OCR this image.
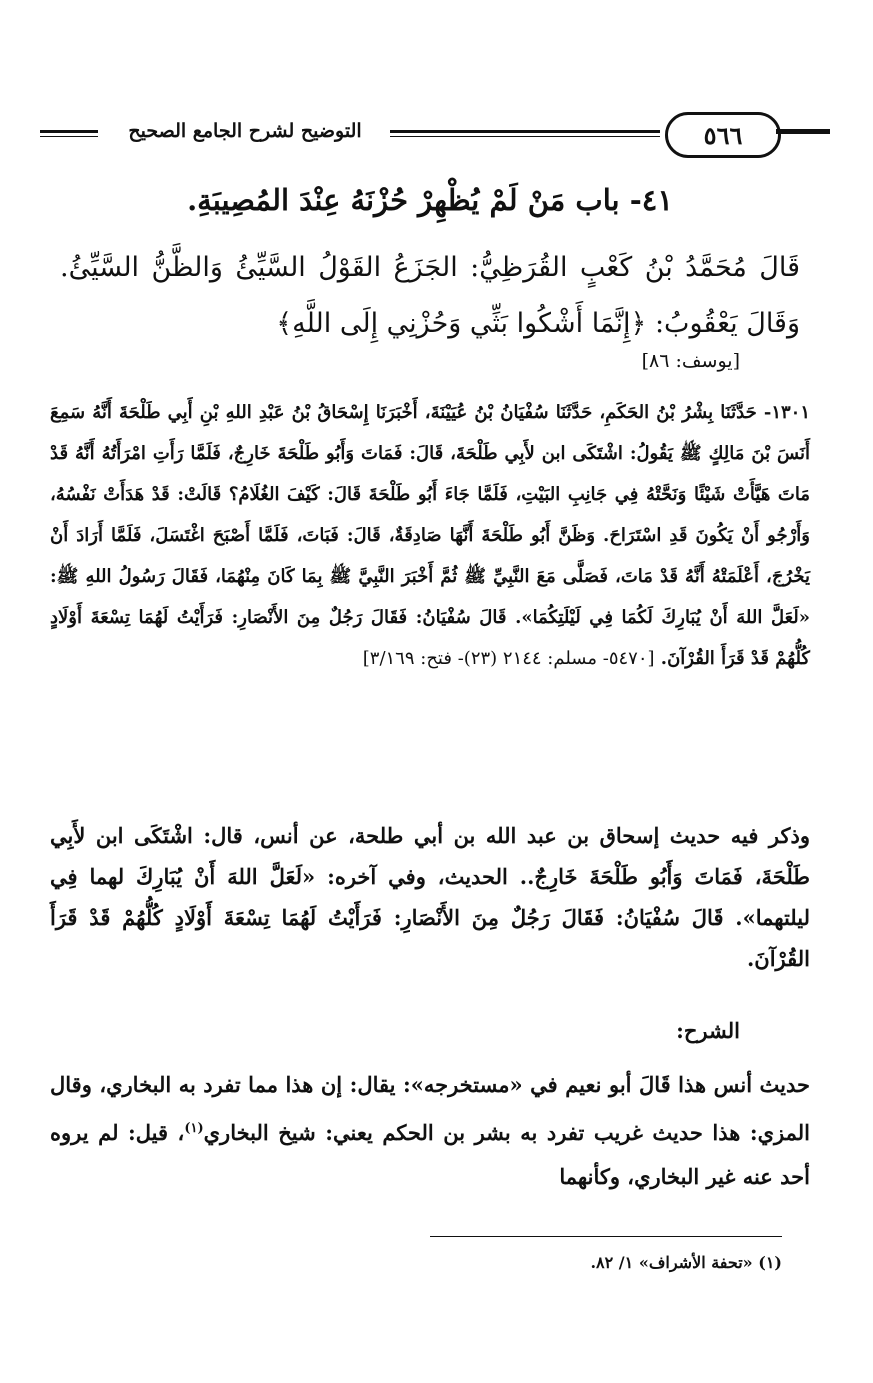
التوضيح لشرح الجامع الصحيح	٥٦٦
٤١- باب مَنْ لَمْ يُظْهِرْ حُزْنَهُ عِنْدَ المُصِيبَةِ.
قَالَ مُحَمَّدُ بْنُ كَعْبٍ القُرَظِيُّ: الجَزَعُ القَوْلُ السَّيِّئُ وَالظَّنُّ السَّيِّئُ. وَقَالَ يَعْقُوبُ: ﴿إِنَّمَا أَشْكُوا بَثِّي وَحُزْنِي إِلَى اللَّهِ﴾
[يوسف: ٨٦]
١٣٠١- حَدَّثَنَا بِشْرُ بْنُ الحَكَمِ، حَدَّثَنَا سُفْيَانُ بْنُ عُيَيْنَةَ، أَخْبَرَنَا إِسْحَاقُ بْنُ عَبْدِ اللهِ بْنِ أَبِي طَلْحَةَ أَنَّهُ سَمِعَ أَنَسَ بْنَ مَالِكٍ ﷺ يَقُولُ: اشْتَكَى ابن لأَبِي طَلْحَةَ، قَالَ: فَمَاتَ وَأَبُو طَلْحَةَ خَارِجٌ، فَلَمَّا رَأَتِ امْرَأَتُهُ أَنَّهُ قَدْ مَاتَ هَيَّأَتْ شَيْئًا وَنَحَّتْهُ فِي جَانِبِ البَيْتِ، فَلَمَّا جَاءَ أَبُو طَلْحَةَ قَالَ: كَيْفَ الغُلَامُ؟ قَالَتْ: قَدْ هَدَأَتْ نَفْسُهُ، وَأَرْجُو أَنْ يَكُونَ قَدِ اسْتَرَاحَ. وَظَنَّ أَبُو طَلْحَةَ أَنَّهَا صَادِقَةٌ، قَالَ: فَبَاتَ، فَلَمَّا أَصْبَحَ اغْتَسَلَ، فَلَمَّا أَرَادَ أَنْ يَخْرُجَ، أَعْلَمَتْهُ أَنَّهُ قَدْ مَاتَ، فَصَلَّى مَعَ النَّبِيِّ ﷺ ثُمَّ أَخْبَرَ النَّبِيَّ ﷺ بِمَا كَانَ مِنْهُمَا، فَقَالَ رَسُولُ اللهِ ﷺ: «لَعَلَّ اللهَ أَنْ يُبَارِكَ لَكُمَا فِي لَيْلَتِكُمَا». قَالَ سُفْيَانُ: فَقَالَ رَجُلٌ مِنَ الأَنْصَارِ: فَرَأَيْتُ لَهُمَا تِسْعَةَ أَوْلَادٍ كُلُّهُمْ قَدْ قَرَأَ القُرْآنَ. [٥٤٧٠- مسلم: ٢١٤٤ (٢٣)- فتح: ٣/١٦٩]
وذكر فيه حديث إسحاق بن عبد الله بن أبي طلحة، عن أنس، قال: اشْتَكَى ابن لأَبِي طَلْحَةَ، فَمَاتَ وَأَبُو طَلْحَةَ خَارِجٌ.. الحديث، وفي آخره: «لَعَلَّ اللهَ أَنْ يُبَارِكَ لهما فِي ليلتهما». قَالَ سُفْيَانُ: فَقَالَ رَجُلٌ مِنَ الأَنْصَارِ: فَرَأَيْتُ لَهُمَا تِسْعَةَ أَوْلَادٍ كُلُّهُمْ قَدْ قَرَأَ القُرْآنَ.
الشرح:
حديث أنس هذا قَالَ أبو نعيم في «مستخرجه»: يقال: إن هذا مما تفرد به البخاري، وقال المزي: هذا حديث غريب تفرد به بشر بن الحكم يعني: شيخ البخاري$^{(١)}$، قيل: لم يروه أحد عنه غير البخاري، وكأنهما
(١) «تحفة الأشراف» ١/ ٨٢.
